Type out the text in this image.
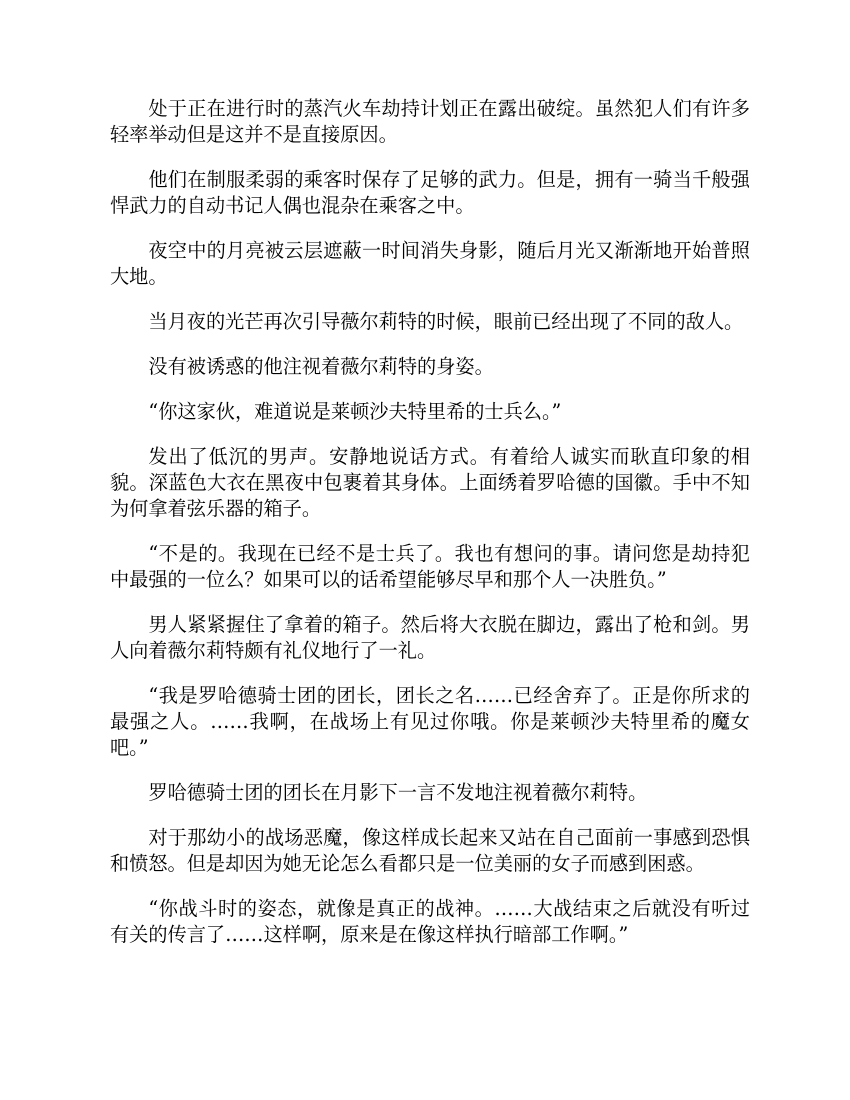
处于正在进行时的蒸汽火车劫持计划正在露出破绽。虽然犯人们有许多轻率举动但是这并不是直接原因。

他们在制服柔弱的乘客时保存了足够的武力。但是，拥有一骑当千般强悍武力的自动书记人偶也混杂在乘客之中。

夜空中的月亮被云层遮蔽一时间消失身影，随后月光又渐渐地开始普照大地。

当月夜的光芒再次引导薇尔莉特的时候，眼前已经出现了不同的敌人。

没有被诱惑的他注视着薇尔莉特的身姿。

“你这家伙，难道说是莱顿沙夫特里希的士兵么。”

发出了低沉的男声。安静地说话方式。有着给人诚实而耿直印象的相貌。深蓝色大衣在黑夜中包裹着其身体。上面绣着罗哈德的国徽。手中不知为何拿着弦乐器的箱子。

“不是的。我现在已经不是士兵了。我也有想问的事。请问您是劫持犯中最强的一位么？如果可以的话希望能够尽早和那个人一决胜负。”

男人紧紧握住了拿着的箱子。然后将大衣脱在脚边，露出了枪和剑。男人向着薇尔莉特颇有礼仪地行了一礼。

“我是罗哈德骑士团的团长，团长之名……已经舍弃了。正是你所求的最强之人。……我啊，在战场上有见过你哦。你是莱顿沙夫特里希的魔女吧。”

罗哈德骑士团的团长在月影下一言不发地注视着薇尔莉特。

对于那幼小的战场恶魔，像这样成长起来又站在自己面前一事感到恐惧和愤怒。但是却因为她无论怎么看都只是一位美丽的女子而感到困惑。

“你战斗时的姿态，就像是真正的战神。……大战结束之后就没有听过有关的传言了……这样啊，原来是在像这样执行暗部工作啊。”
